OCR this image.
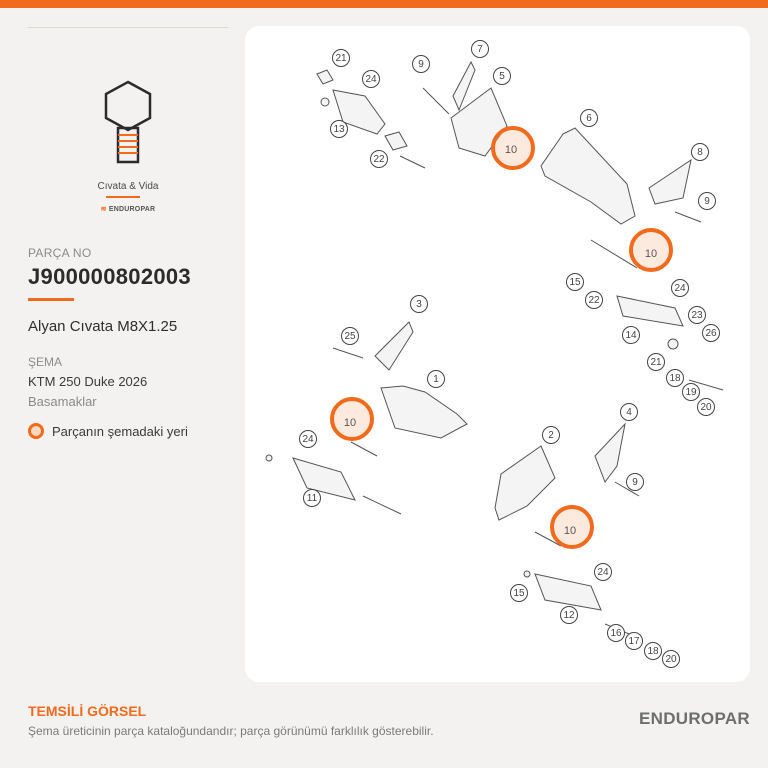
Cıvata & Vida
≋ ENDUROPAR
PARÇA NO
J900000802003
Alyan Cıvata M8X1.25
ŞEMA
KTM 250 Duke 2026
Basamaklar
Parçanın şemadaki yeri
10
10
10
10
21
24
13
22
9
7
5
6
8
9
15
22
24
23
14	26
21
18
19
20
3
25
1
24
11
4
2
9
15
24
12
16
17
18
20
TEMSİLİ GÖRSEL
Şema üreticinin parça kataloğundandır; parça görünümü farklılık gösterebilir.
ENDUROPAR
